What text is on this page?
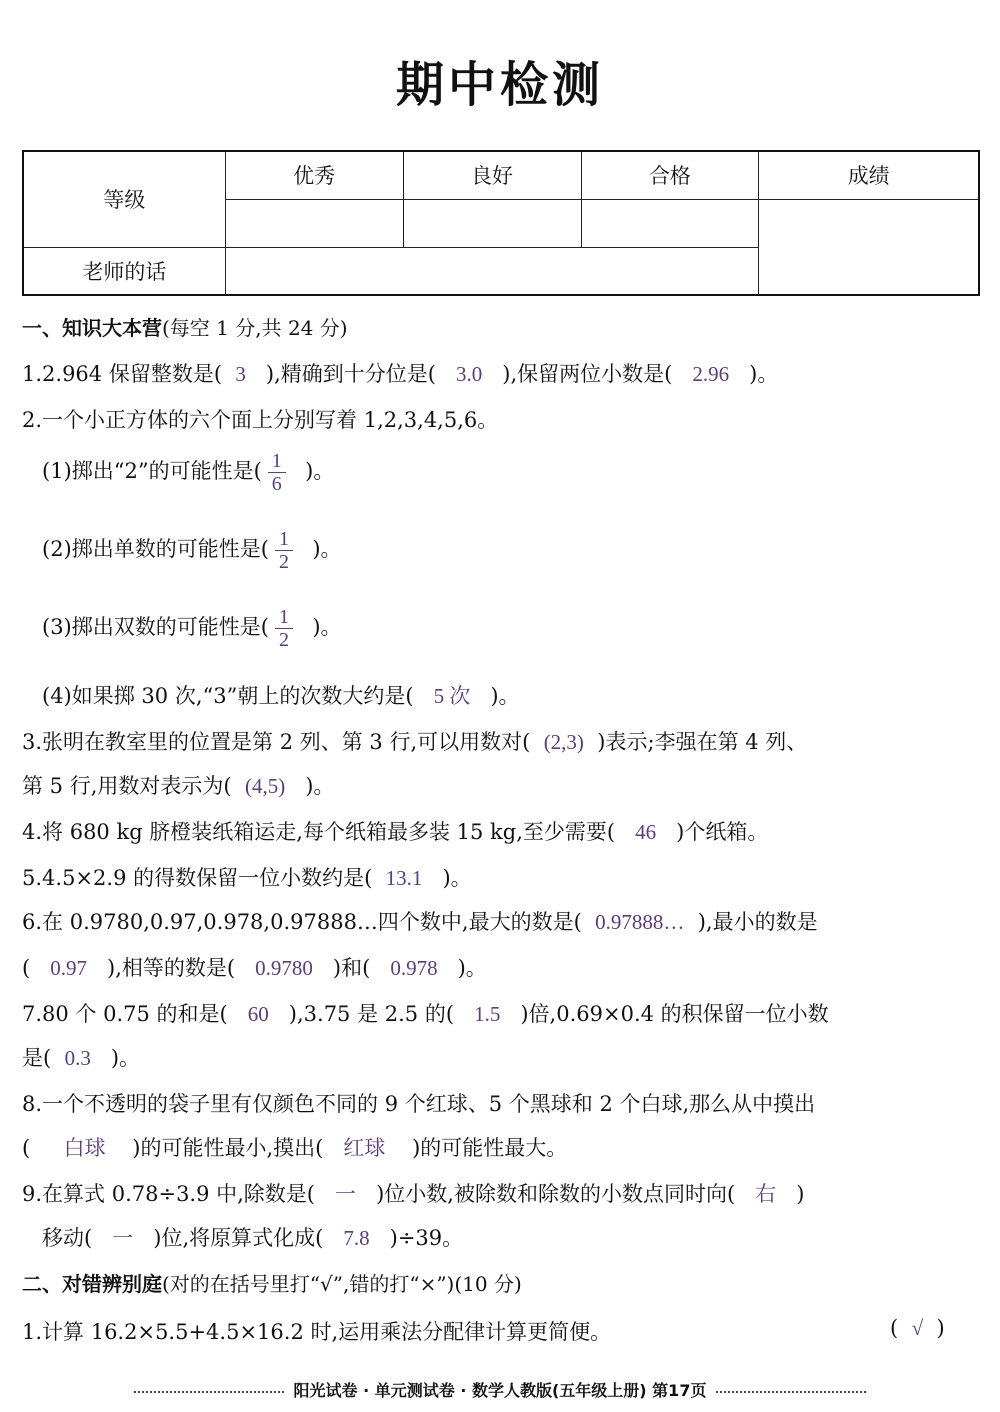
期中检测
等级	优秀	良好	合格	成绩

老师的话				
一、知识大本营(每空 1 分,共 24 分)
1.2.964 保留整数是( 3 ),精确到十分位是( 3.0 ),保留两位小数是( 2.96 )。
2.一个小正方体的六个面上分别写着 1,2,3,4,5,6。
(1)掷出“2”的可能性是( $\frac{1}{6}$ )。
(2)掷出单数的可能性是( $\frac{1}{2}$ )。
(3)掷出双数的可能性是( $\frac{1}{2}$ )。
(4)如果掷 30 次,“3”朝上的次数大约是( 5 次 )。
3.张明在教室里的位置是第 2 列、第 3 行,可以用数对( (2,3) )表示;李强在第 4 列、
第 5 行,用数对表示为( (4,5) )。
4.将 680 kg 脐橙装纸箱运走,每个纸箱最多装 15 kg,至少需要( 46 )个纸箱。
5.4.5×2.9 的得数保留一位小数约是( 13.1 )。
6.在 0.9780,0.97,0.978,0.97888…四个数中,最大的数是( 0.97888… ),最小的数是
( 0.97 ),相等的数是( 0.9780 )和( 0.978 )。
7.80 个 0.75 的和是( 60 ),3.75 是 2.5 的( 1.5 )倍,0.69×0.4 的积保留一位小数
是( 0.3 )。
8.一个不透明的袋子里有仅颜色不同的 9 个红球、5 个黑球和 2 个白球,那么从中摸出
( 白球 )的可能性最小,摸出( 红球 )的可能性最大。
9.在算式 0.78÷3.9 中,除数是( 一 )位小数,被除数和除数的小数点同时向( 右 )
移动( 一 )位,将原算式化成( 7.8 )÷39。
二、对错辨别庭(对的在括号里打“√”,错的打“×”)(10 分)
1.计算 16.2×5.5+4.5×16.2 时,运用乘法分配律计算更简便。	( √ )
阳光试卷 · 单元测试卷 · 数学人教版(五年级上册) 第17页
